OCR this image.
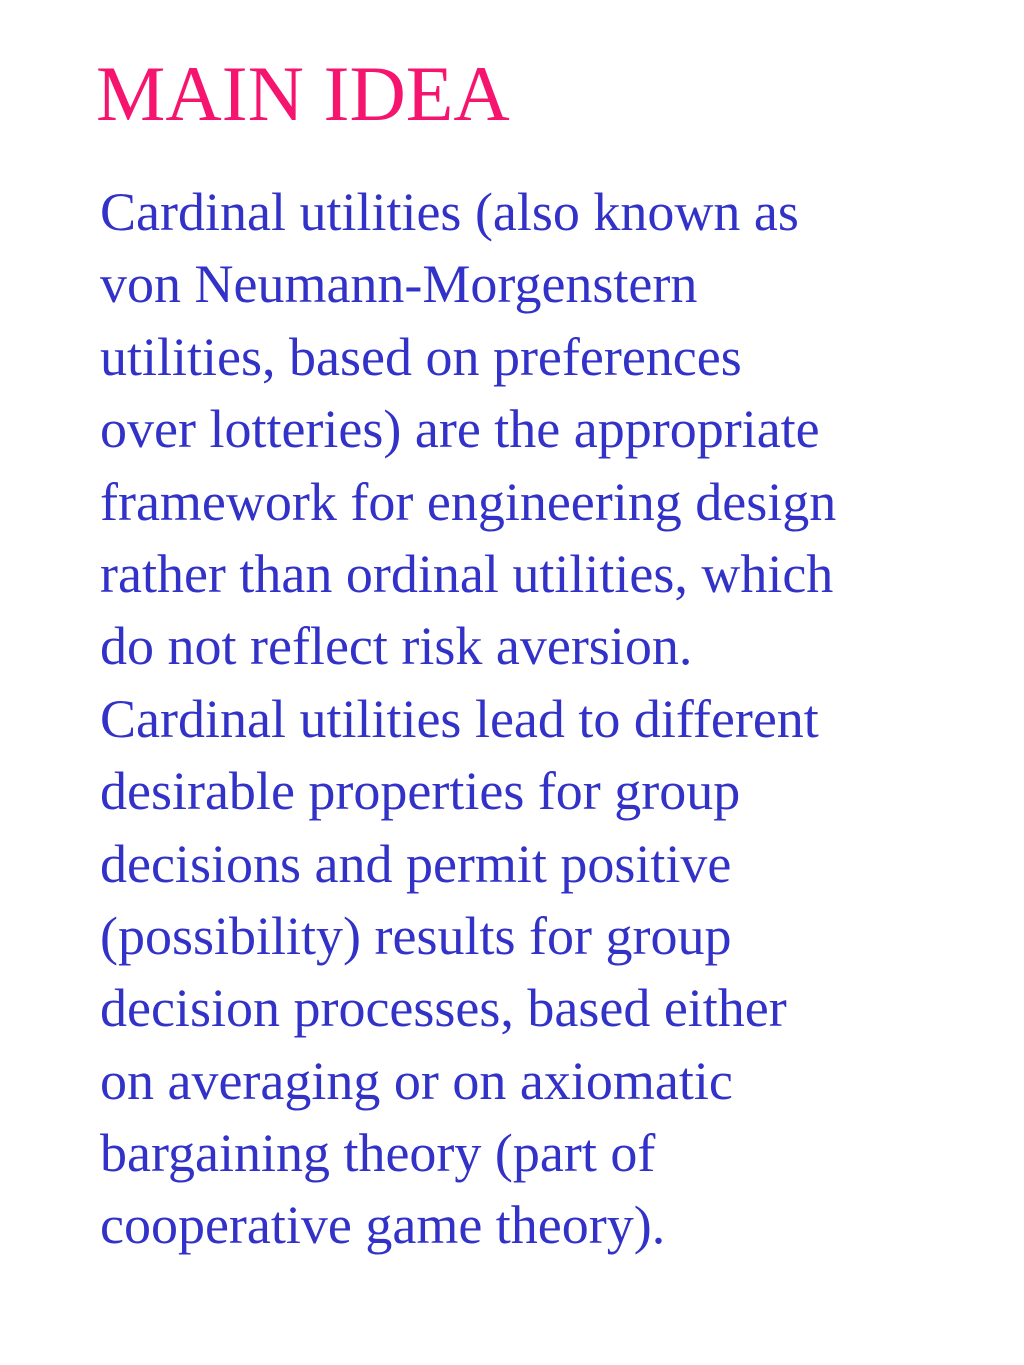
MAIN IDEA
Cardinal utilities (also known as
von Neumann-Morgenstern
utilities, based on preferences
over lotteries) are the appropriate
framework for engineering design
rather than ordinal utilities, which
do not reflect risk aversion.
Cardinal utilities lead to different
desirable properties for group
decisions and permit positive
(possibility) results for group
decision processes, based either
on averaging or on axiomatic
bargaining theory (part of
cooperative game theory).
